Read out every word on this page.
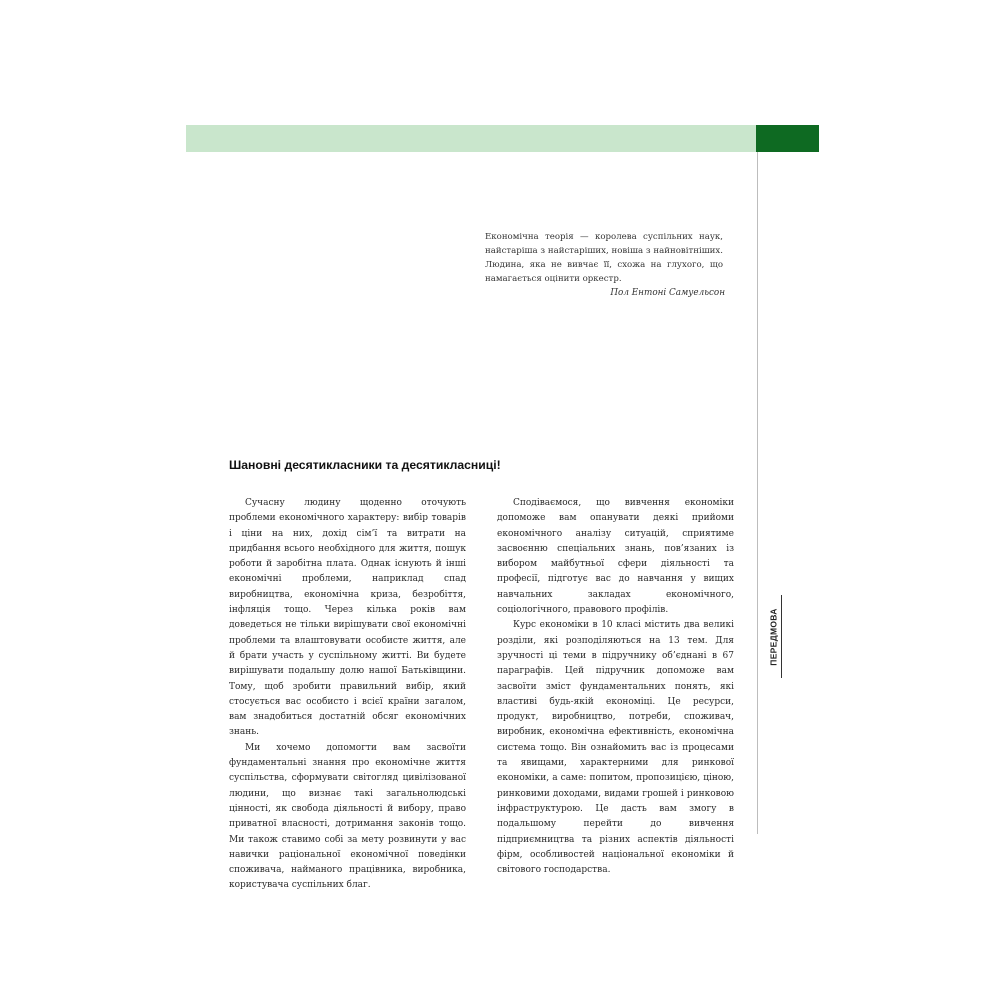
ПЕРЕДМОВА
Економічна теорія — королева суспільних наук, найстаріша з найстаріших, новіша з найновітніших. Людина, яка не вивчає її, схожа на глухого, що намагається оцінити оркестр.
Пол Ентоні Самуельсон
Шановні десятикласники та десятикласниці!

Сучасну людину щоденно оточують проблеми економічного характеру: вибір товарів і ціни на них, дохід сім’ї та витрати на придбання всього необхідного для життя, пошук роботи й заробітна плата. Однак існують й інші економічні проблеми, наприклад спад виробництва, економічна криза, безробіття, інфляція тощо. Через кілька років вам доведеться не тільки вирішувати свої економічні проблеми та влаштовувати особисте життя, але й брати участь у суспільному житті. Ви будете вирішувати подальшу долю нашої Батьківщини. Тому, щоб зробити правильний вибір, який стосується вас особисто і всієї країни загалом, вам знадобиться достатній обсяг економічних знань.

Ми хочемо допомогти вам засвоїти фундаментальні знання про економічне життя суспільства, сформувати світогляд цивілізованої людини, що визнає такі загальнолюдські цінності, як свобода діяльності й вибору, право приватної власності, дотримання законів тощо. Ми також ставимо собі за мету розвинути у вас навички раціональної економічної поведінки споживача, найманого працівника, виробника, користувача суспільних благ.

Сподіваємося, що вивчення економіки допоможе вам опанувати деякі прийоми економічного аналізу ситуацій, сприятиме засвоєнню спеціальних знань, пов’язаних із вибором майбутньої сфери діяльності та професії, підготує вас до навчання у вищих навчальних закладах економічного, соціологічного, правового профілів.

Курс економіки в 10 класі містить два великі розділи, які розподіляються на 13 тем. Для зручності ці теми в підручнику об’єднані в 67 параграфів. Цей підручник допоможе вам засвоїти зміст фундаментальних понять, які властиві будь-якій економіці. Це ресурси, продукт, виробництво, потреби, споживач, виробник, економічна ефективність, економічна система тощо. Він ознайомить вас із процесами та явищами, характерними для ринкової економіки, а саме: попитом, пропозицією, ціною, ринковими доходами, видами грошей і ринковою інфраструктурою. Це дасть вам змогу в подальшому перейти до вивчення підприємництва та різних аспектів діяльності фірм, особливостей національної економіки й світового господарства.
